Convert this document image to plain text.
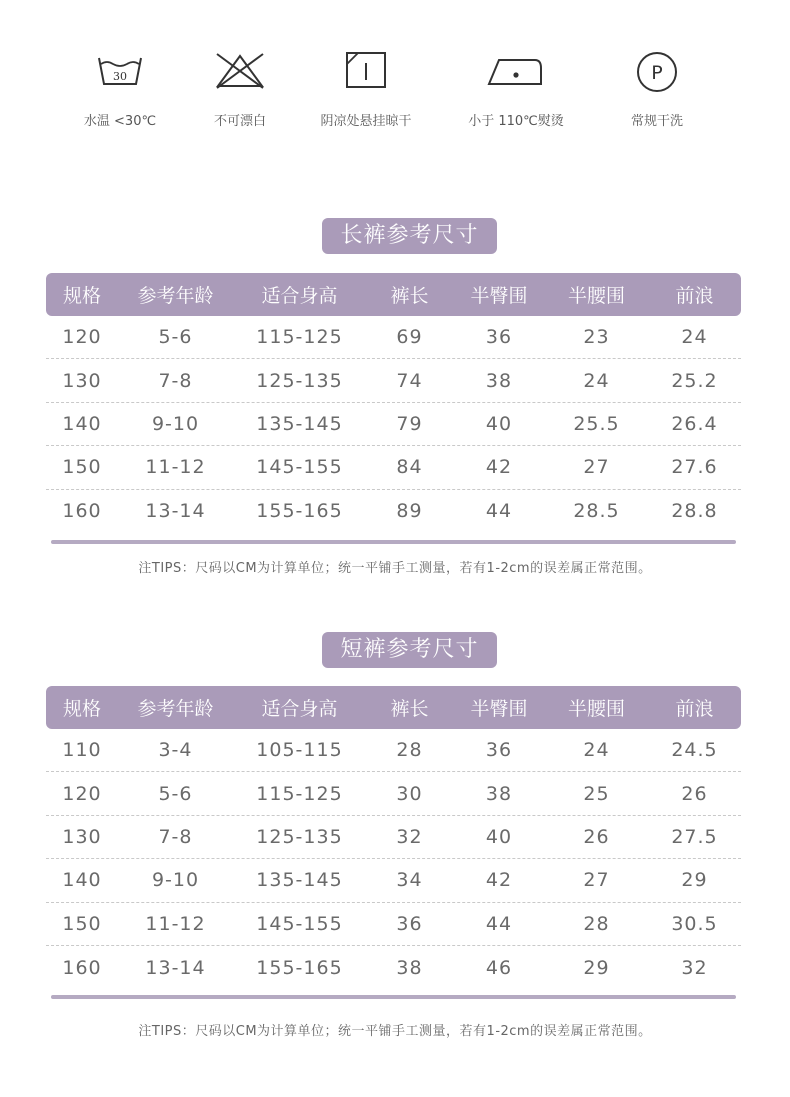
30
水温 <30℃	不可漂白	阴凉处悬挂晾干	小于 110℃熨烫
P
常规干洗
长裤参考尺寸
规格	参考年龄	适合身高	裤长	半臀围	半腰围	前浪
120	5-6	115-125	69	36	23	24
130	7-8	125-135	74	38	24	25.2
140	9-10	135-145	79	40	25.5	26.4
150	11-12	145-155	84	42	27	27.6
160	13-14	155-165	89	44	28.5	28.8
注TIPS：尺码以CM为计算单位；统一平铺手工测量，若有1-2cm的误差属正常范围。
短裤参考尺寸
规格	参考年龄	适合身高	裤长	半臀围	半腰围	前浪
110	3-4	105-115	28	36	24	24.5
120	5-6	115-125	30	38	25	26
130	7-8	125-135	32	40	26	27.5
140	9-10	135-145	34	42	27	29
150	11-12	145-155	36	44	28	30.5
160	13-14	155-165	38	46	29	32
注TIPS：尺码以CM为计算单位；统一平铺手工测量，若有1-2cm的误差属正常范围。
